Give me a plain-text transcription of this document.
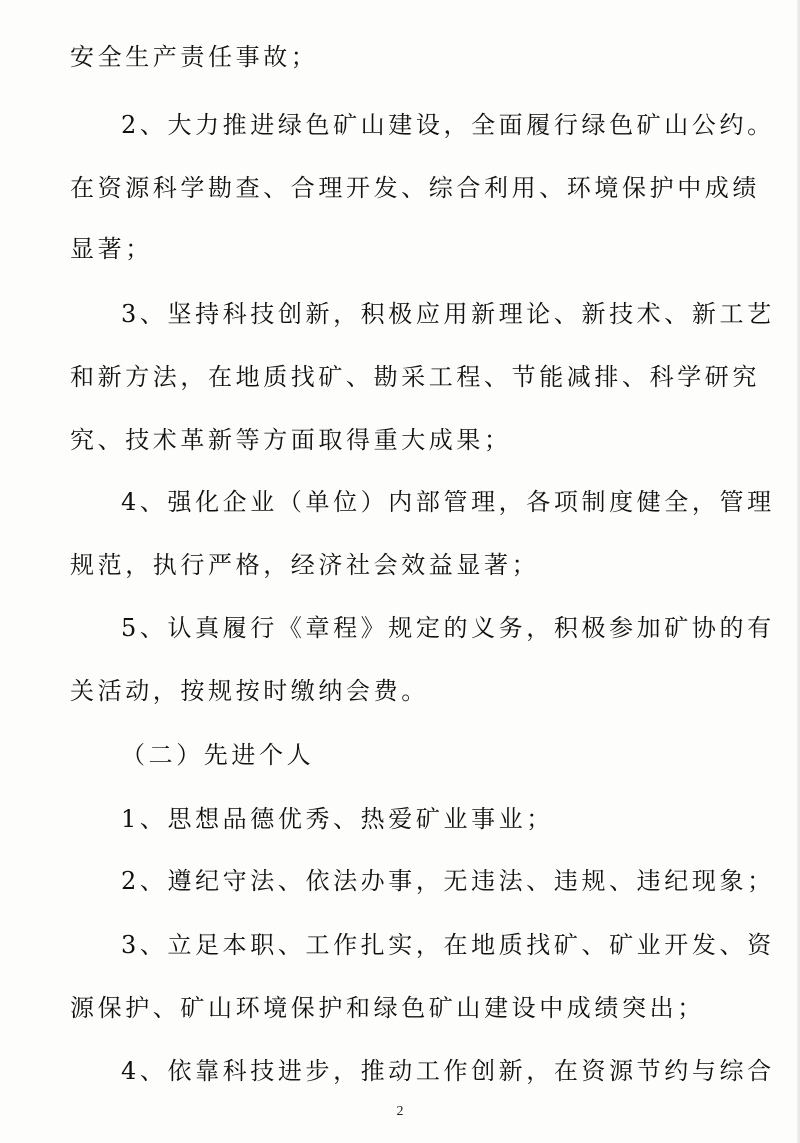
安全生产责任事故；
2、大力推进绿色矿山建设，全面履行绿色矿山公约。
在资源科学勘查、合理开发、综合利用、环境保护中成绩
显著；
3、坚持科技创新，积极应用新理论、新技术、新工艺
和新方法，在地质找矿、勘采工程、节能减排、科学研究
究、技术革新等方面取得重大成果；
4、强化企业（单位）内部管理，各项制度健全，管理
规范，执行严格，经济社会效益显著；
5、认真履行《章程》规定的义务，积极参加矿协的有
关活动，按规按时缴纳会费。
（二）先进个人
1、思想品德优秀、热爱矿业事业；
2、遵纪守法、依法办事，无违法、违规、违纪现象；
3、立足本职、工作扎实，在地质找矿、矿业开发、资
源保护、矿山环境保护和绿色矿山建设中成绩突出；
4、依靠科技进步，推动工作创新，在资源节约与综合
2
